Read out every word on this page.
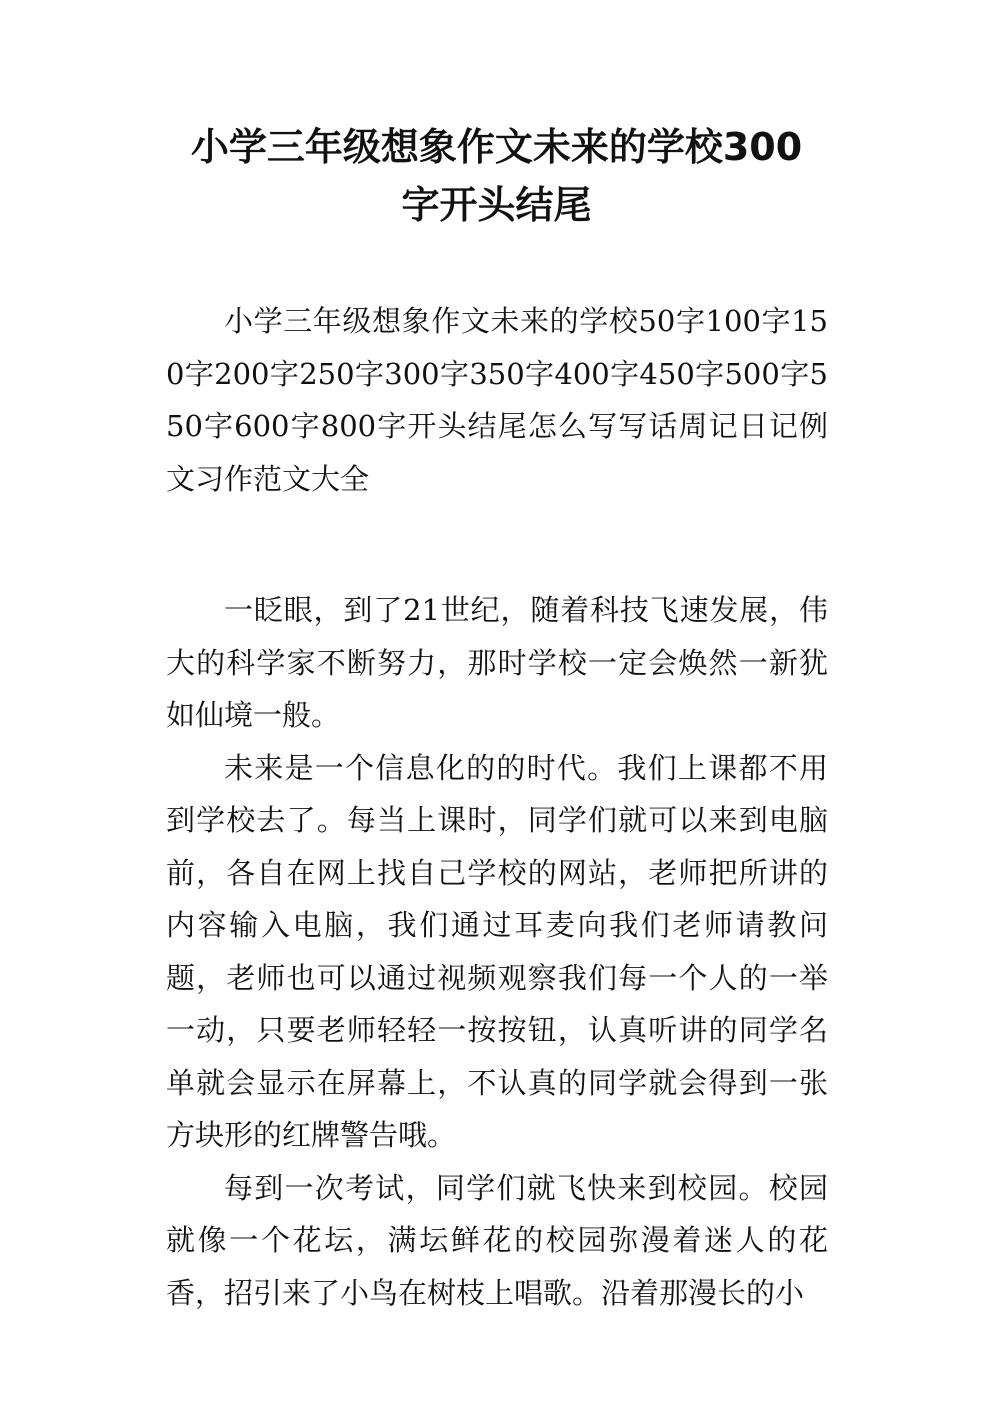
小学三年级想象作文未来的学校300
字开头结尾

小学三年级想象作文未来的学校50字100字150字200字250字300字350字400字450字500字550字600字800字开头结尾怎么写写话周记日记例文习作范文大全

一眨眼，到了21世纪，随着科技飞速发展，伟大的科学家不断努力，那时学校一定会焕然一新犹如仙境一般。

未来是一个信息化的的时代。我们上课都不用到学校去了。每当上课时，同学们就可以来到电脑前，各自在网上找自己学校的网站，老师把所讲的内容输入电脑，我们通过耳麦向我们老师请教问题，老师也可以通过视频观察我们每一个人的一举一动，只要老师轻轻一按按钮，认真听讲的同学名单就会显示在屏幕上，不认真的同学就会得到一张方块形的红牌警告哦。

每到一次考试，同学们就飞快来到校园。校园就像一个花坛，满坛鲜花的校园弥漫着迷人的花香，招引来了小鸟在树枝上唱歌。沿着那漫长的小
